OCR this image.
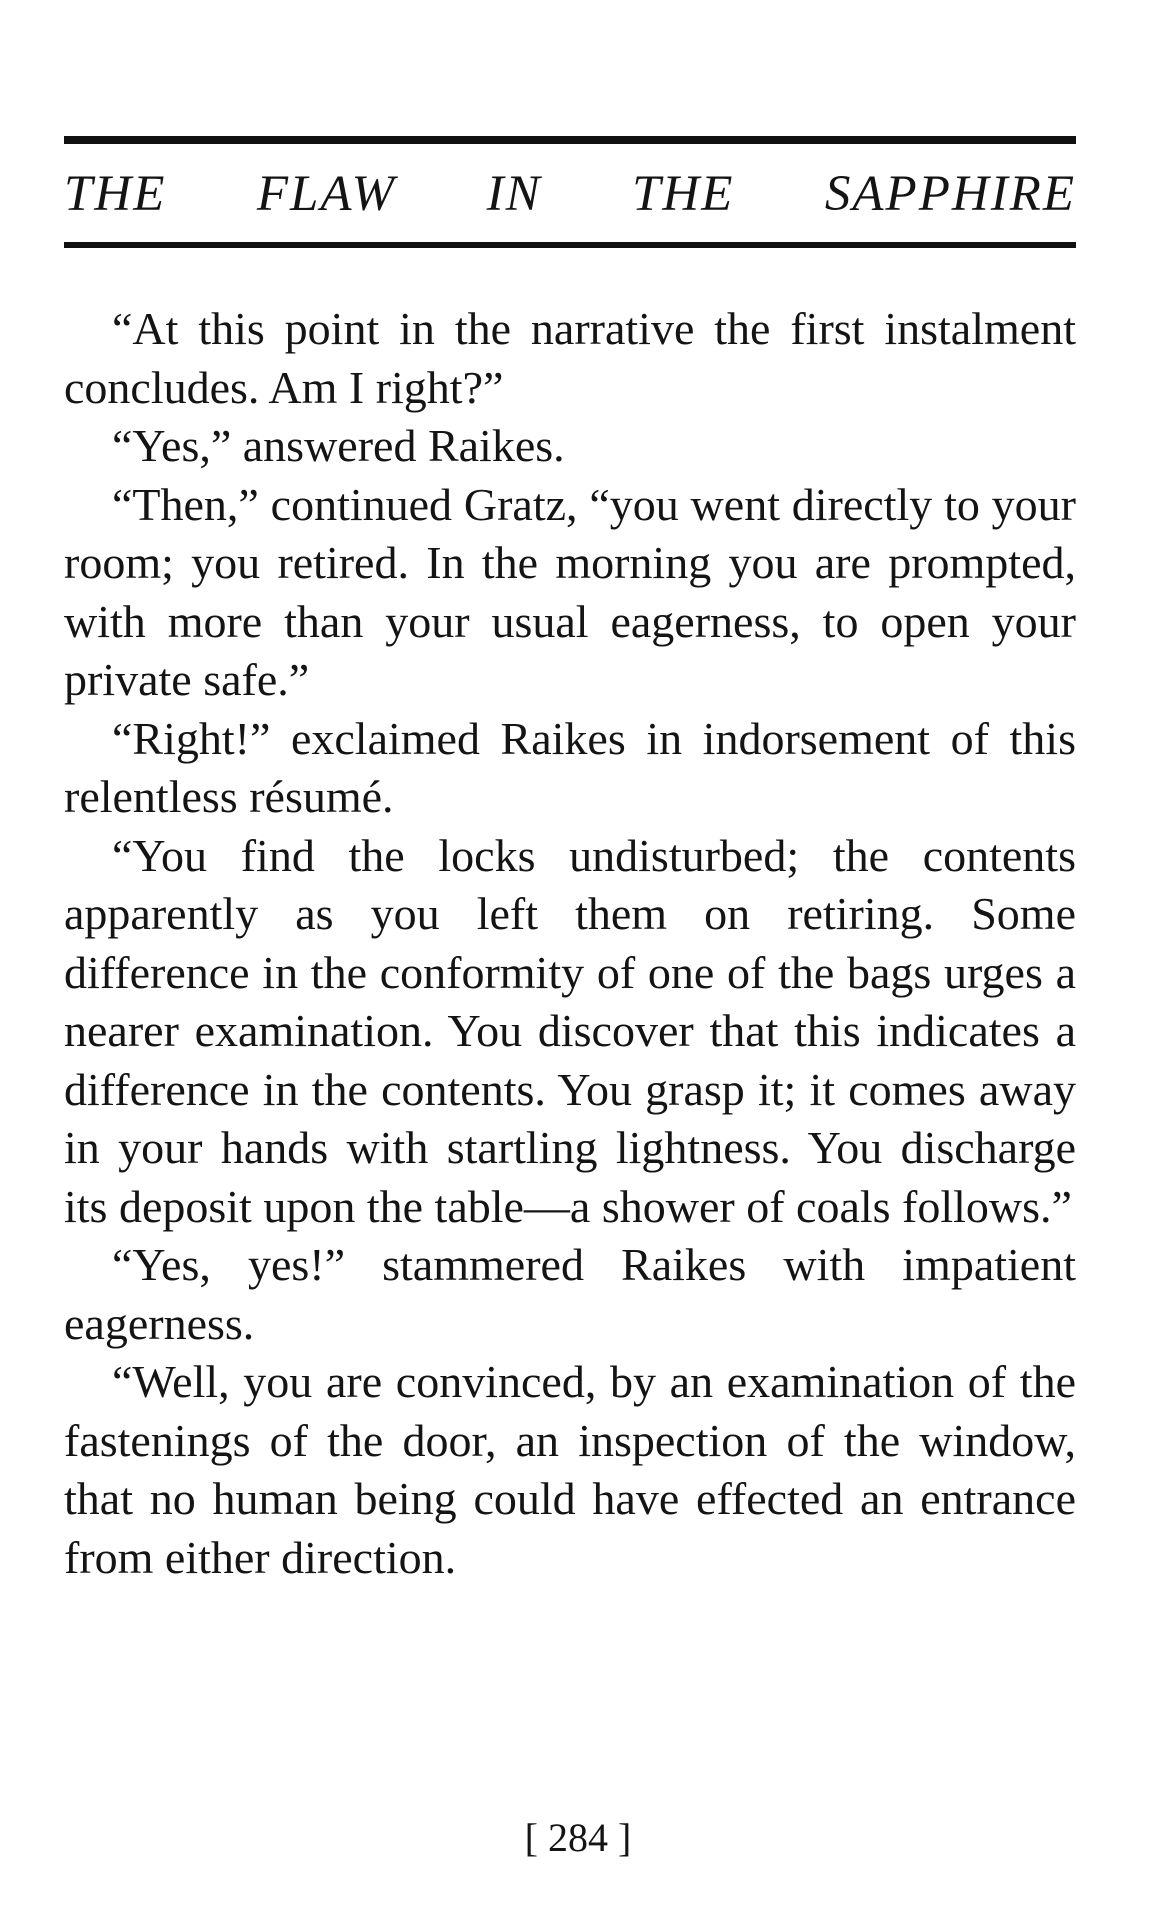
THE FLAW IN THE SAPPHIRE

“At this point in the narrative the first instalment concludes. Am I right?”

“Yes,” answered Raikes.

“Then,” continued Gratz, “you went directly to your room; you retired. In the morning you are prompted, with more than your usual eagerness, to open your private safe.”

“Right!” exclaimed Raikes in indorsement of this relentless résumé.

“You find the locks undisturbed; the contents apparently as you left them on retiring. Some difference in the conformity of one of the bags urges a nearer examination. You discover that this indicates a difference in the contents. You grasp it; it comes away in your hands with startling lightness. You discharge its deposit upon the table—a shower of coals follows.”

“Yes, yes!” stammered Raikes with impatient eagerness.

“Well, you are convinced, by an examination of the fastenings of the door, an inspection of the window, that no human being could have effected an entrance from either direction.

[ 284 ]
